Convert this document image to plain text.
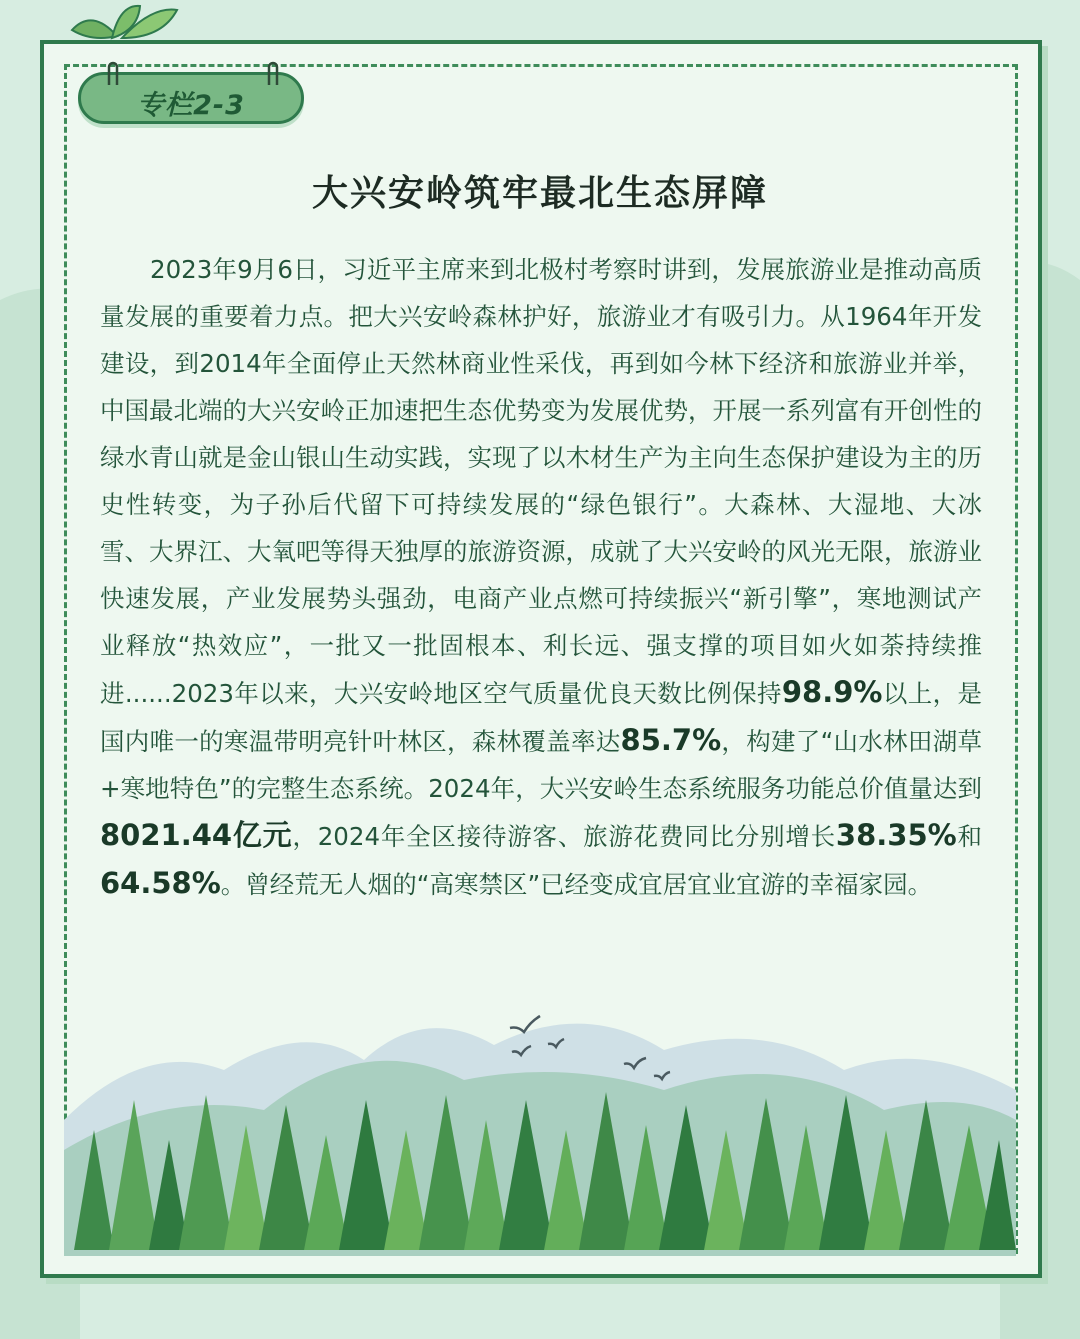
专栏2-3
大兴安岭筑牢最北生态屏障

2023年9月6日，习近平主席来到北极村考察时讲到，发展旅游业是推动高质量发展的重要着力点。把大兴安岭森林护好，旅游业才有吸引力。从1964年开发建设，到2014年全面停止天然林商业性采伐，再到如今林下经济和旅游业并举，中国最北端的大兴安岭正加速把生态优势变为发展优势，开展一系列富有开创性的绿水青山就是金山银山生动实践，实现了以木材生产为主向生态保护建设为主的历史性转变，为子孙后代留下可持续发展的“绿色银行”。大森林、大湿地、大冰雪、大界江、大氧吧等得天独厚的旅游资源，成就了大兴安岭的风光无限，旅游业快速发展，产业发展势头强劲，电商产业点燃可持续振兴“新引擎”，寒地测试产业释放“热效应”，一批又一批固根本、利长远、强支撑的项目如火如荼持续推进......2023年以来，大兴安岭地区空气质量优良天数比例保持98.9%以上，是国内唯一的寒温带明亮针叶林区，森林覆盖率达85.7%，构建了“山水林田湖草+寒地特色”的完整生态系统。2024年，大兴安岭生态系统服务功能总价值量达到8021.44亿元，2024年全区接待游客、旅游花费同比分别增长38.35%和64.58%。曾经荒无人烟的“高寒禁区”已经变成宜居宜业宜游的幸福家园。
